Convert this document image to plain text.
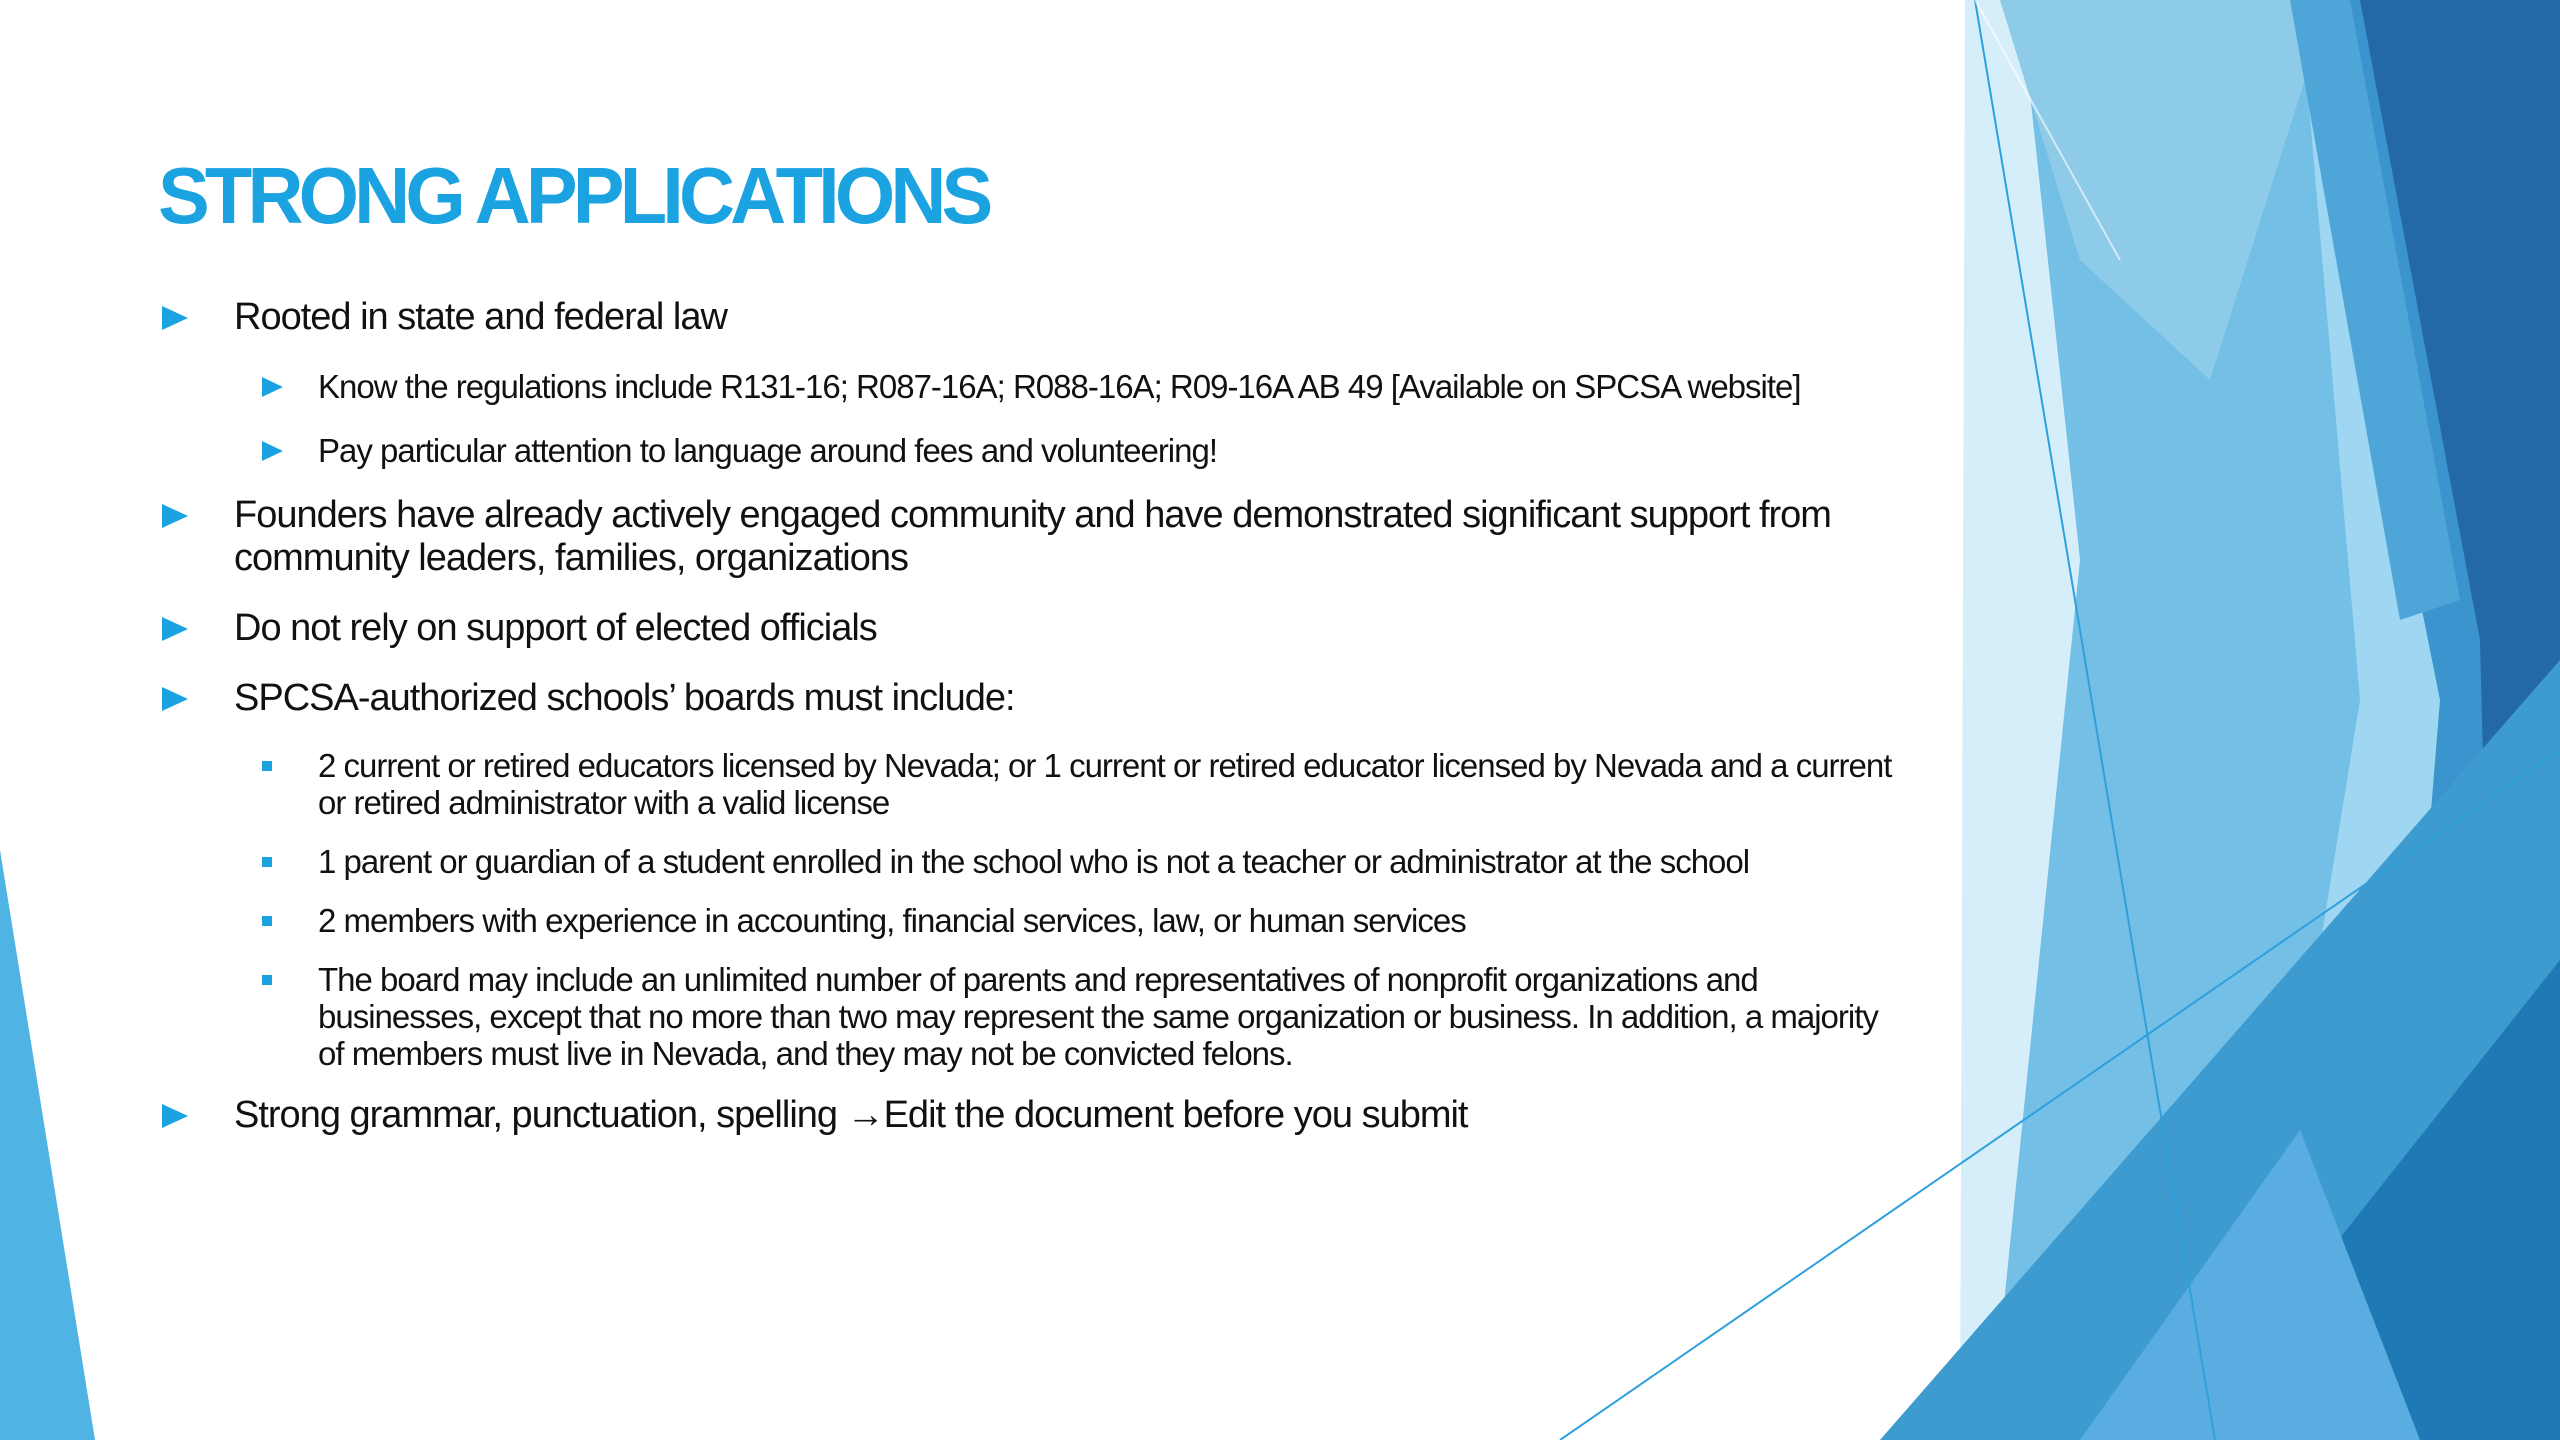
STRONG APPLICATIONS
Rooted in state and federal law
Know the regulations include R131-16; R087-16A; R088-16A; R09-16A AB 49 [Available on SPCSA website]
Pay particular attention to language around fees and volunteering!
Founders have already actively engaged community and have demonstrated significant support from community leaders, families, organizations
Do not rely on support of elected officials
SPCSA-authorized schools’ boards must include:
2 current or retired educators licensed by Nevada; or 1 current or retired educator licensed by Nevada and a current or retired administrator with a valid license
1 parent or guardian of a student enrolled in the school who is not a teacher or administrator at the school
2 members with experience in accounting, financial services, law, or human services
The board may include an unlimited number of parents and representatives of nonprofit organizations and businesses, except that no more than two may represent the same organization or business. In addition, a majority of members must live in Nevada, and they may not be convicted felons.
Strong grammar, punctuation, spelling →Edit the document before you submit
